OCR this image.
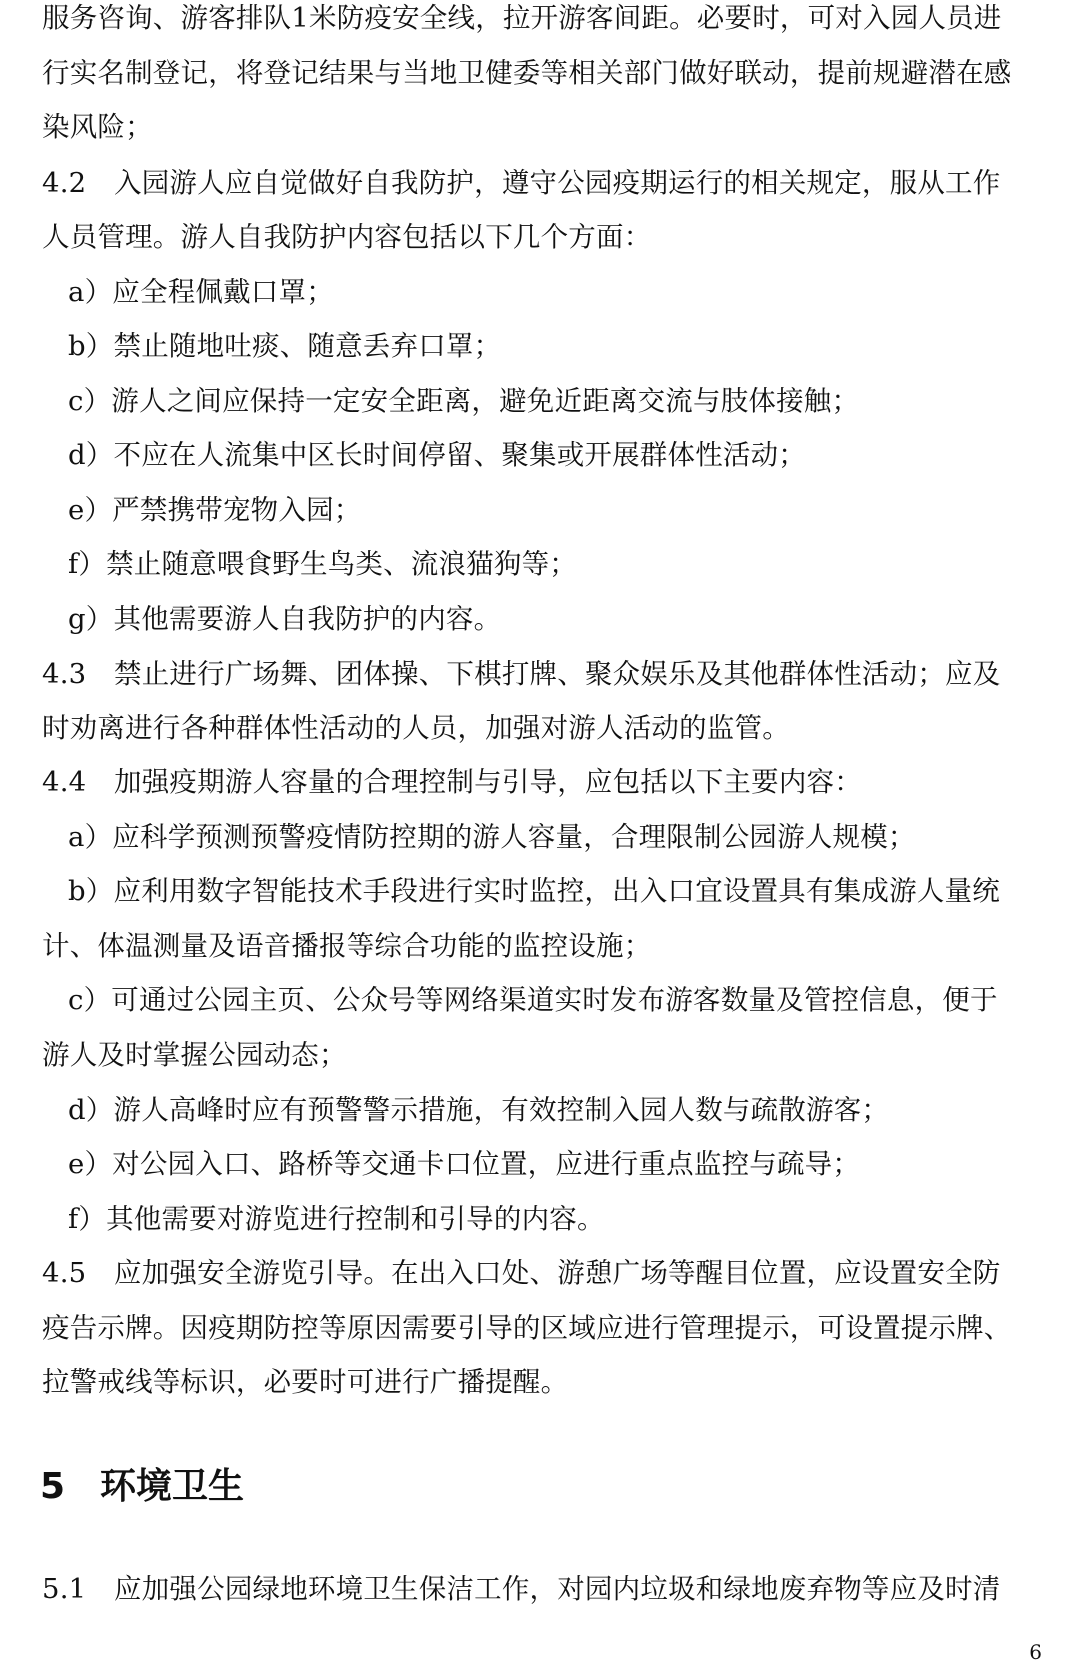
服务咨询、游客排队1米防疫安全线，拉开游客间距。必要时，可对入园人员进
行实名制登记，将登记结果与当地卫健委等相关部门做好联动，提前规避潜在感
染风险；
4.2　入园游人应自觉做好自我防护，遵守公园疫期运行的相关规定，服从工作
人员管理。游人自我防护内容包括以下几个方面：
a）应全程佩戴口罩；
b）禁止随地吐痰、随意丢弃口罩；
c）游人之间应保持一定安全距离，避免近距离交流与肢体接触；
d）不应在人流集中区长时间停留、聚集或开展群体性活动；
e）严禁携带宠物入园；
f）禁止随意喂食野生鸟类、流浪猫狗等；
g）其他需要游人自我防护的内容。
4.3　禁止进行广场舞、团体操、下棋打牌、聚众娱乐及其他群体性活动；应及
时劝离进行各种群体性活动的人员，加强对游人活动的监管。
4.4　加强疫期游人容量的合理控制与引导，应包括以下主要内容：
a）应科学预测预警疫情防控期的游人容量，合理限制公园游人规模；
b）应利用数字智能技术手段进行实时监控，出入口宜设置具有集成游人量统
计、体温测量及语音播报等综合功能的监控设施；
c）可通过公园主页、公众号等网络渠道实时发布游客数量及管控信息，便于
游人及时掌握公园动态；
d）游人高峰时应有预警警示措施，有效控制入园人数与疏散游客；
e）对公园入口、路桥等交通卡口位置，应进行重点监控与疏导；
f）其他需要对游览进行控制和引导的内容。
4.5　应加强安全游览引导。在出入口处、游憩广场等醒目位置，应设置安全防
疫告示牌。因疫期防控等原因需要引导的区域应进行管理提示，可设置提示牌、
拉警戒线等标识，必要时可进行广播提醒。
5 环境卫生
5.1　应加强公园绿地环境卫生保洁工作，对园内垃圾和绿地废弃物等应及时清
6
